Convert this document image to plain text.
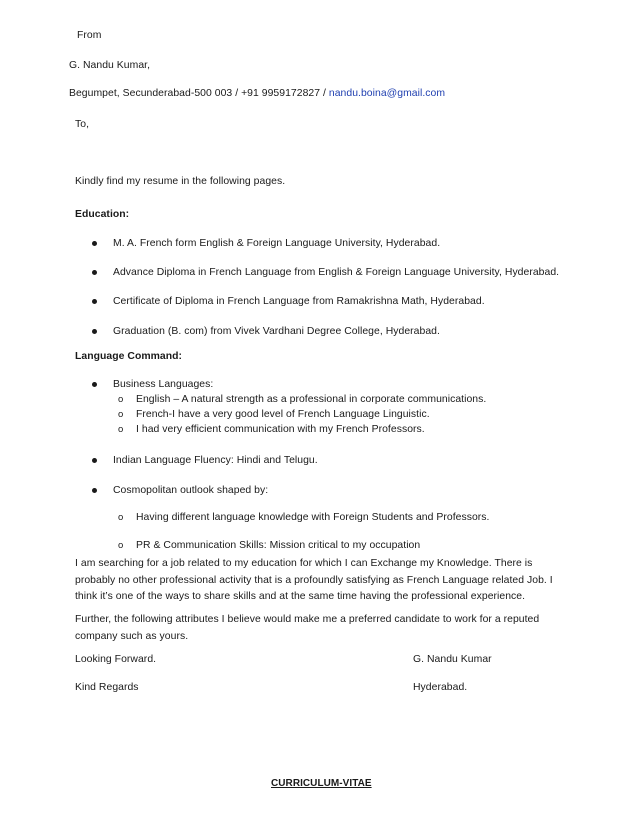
From
G. Nandu Kumar,
Begumpet, Secunderabad-500 003 / +91 9959172827 / nandu.boina@gmail.com
To,
Kindly find my resume in the following pages.
Education:
M. A. French form English & Foreign Language University, Hyderabad.
Advance Diploma in French Language from English & Foreign Language University, Hyderabad.
Certificate of Diploma in French Language from Ramakrishna Math, Hyderabad.
Graduation (B. com) from Vivek Vardhani Degree College, Hyderabad.
Language Command:
Business Languages:
o English – A natural strength as a professional in corporate communications.
o French-I have a very good level of French Language Linguistic.
o I had very efficient communication with my French Professors.
Indian Language Fluency: Hindi and Telugu.
Cosmopolitan outlook shaped by:
o Having different language knowledge with Foreign Students and Professors.
o PR & Communication Skills: Mission critical to my occupation
I am searching for a job related to my education for which I can Exchange my Knowledge. There is probably no other professional activity that is a profoundly satisfying as French Language related Job. I think it’s one of the ways to share skills and at the same time having the professional experience.
Further, the following attributes I believe would make me a preferred candidate to work for a reputed company such as yours.
Looking Forward.	G. Nandu Kumar
Kind Regards	Hyderabad.
CURRICULUM-VITAE
